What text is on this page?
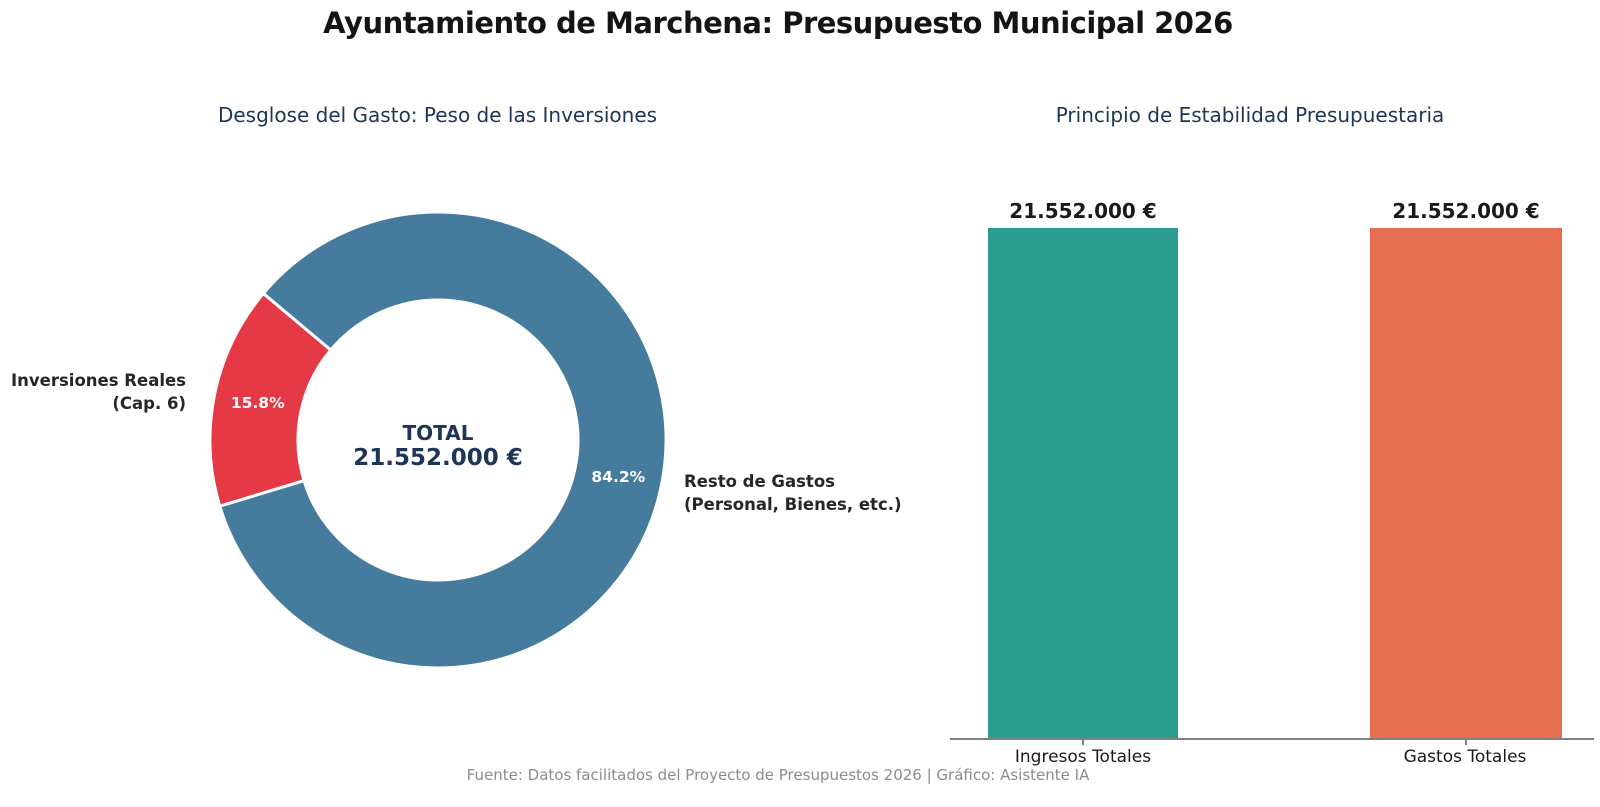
Ayuntamiento de Marchena: Presupuesto Municipal 2026
Desglose del Gasto: Peso de las Inversiones	Principio de Estabilidad Presupuestaria
Inversiones Reales
(Cap. 6)
Resto de Gastos
(Personal, Bienes, etc.)
15.8%
84.2%
TOTAL
21.552.000 €
21.552.000 €	21.552.000 €
Ingresos Totales	Gastos Totales
Fuente: Datos facilitados del Proyecto de Presupuestos 2026 | Gráfico: Asistente IA
